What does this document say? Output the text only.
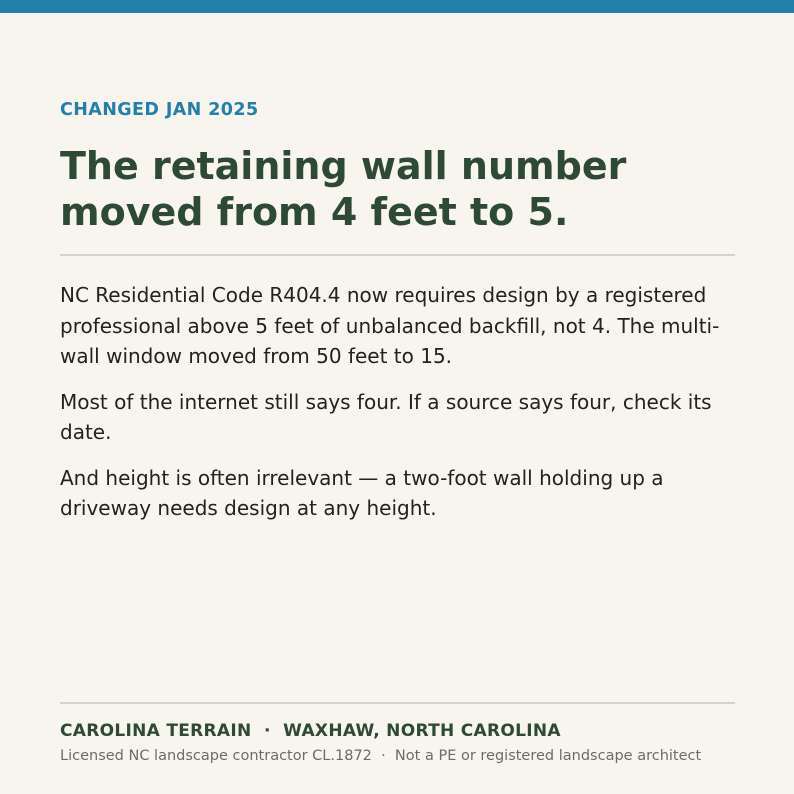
CHANGED JAN 2025
The retaining wall number moved from 4 feet to 5.

NC Residential Code R404.4 now requires design by a registered professional above 5 feet of unbalanced backfill, not 4. The multi-wall window moved from 50 feet to 15.

Most of the internet still says four. If a source says four, check its date.

And height is often irrelevant — a two-foot wall holding up a driveway needs design at any height.

CAROLINA TERRAIN  ·  WAXHAW, NORTH CAROLINA
Licensed NC landscape contractor CL.1872  ·  Not a PE or registered landscape architect
